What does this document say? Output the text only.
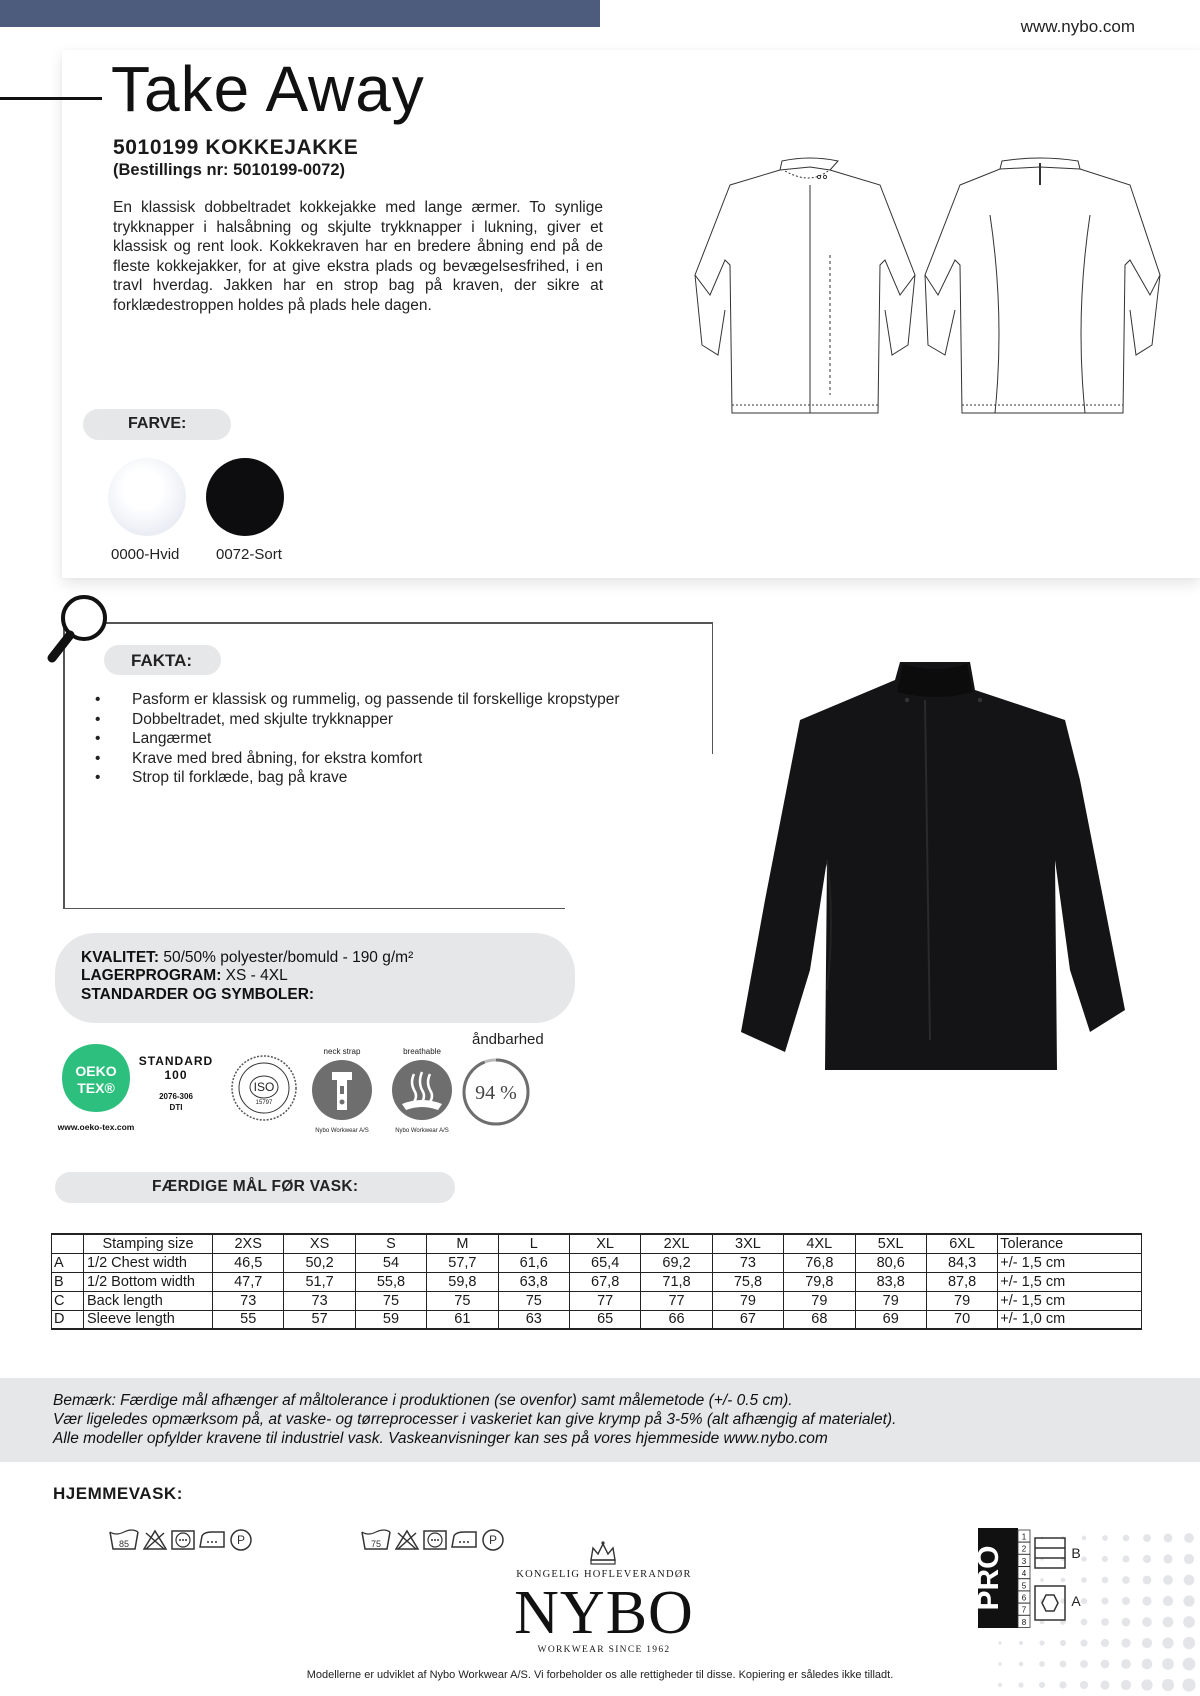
www.nybo.com
Take Away
5010199 KOKKEJAKKE
(Bestillings nr: 5010199-0072)
En klassisk dobbeltradet kokkejakke med lange ærmer. To synlige trykknapper i halsåbning og skjulte trykknapper i lukning, giver et klassisk og rent look. Kokkekraven har en bredere åbning end på de fleste kokkejakker, for at give ekstra plads og bevægelsesfrihed, i en travl hverdag. Jakken har en strop bag på kraven, der sikre at forklædestroppen holdes på plads hele dagen.
FARVE:
0000-Hvid 0072-Sort
FAKTA:
• Pasform er klassisk og rummelig, og passende til forskellige kropstyper
• Dobbeltradet, med skjulte trykknapper
• Langærmet
• Krave med bred åbning, for ekstra komfort
• Strop til forklæde, bag på krave
KVALITET: 50/50% polyester/bomuld - 190 g/m²
LAGERPROGRAM: XS - 4XL
STANDARDER OG SYMBOLER:
OEKO
TEX®
STANDARD
100
2076-306
DTI
www.oeko-tex.com
ISO
15797
neck strap
Nybo Workwear A/S
breathable
Nybo Workwear A/S
åndbarhed
94 %
FÆRDIGE MÅL FØR VASK:
	Stamping size	2XS	XS	S	M	L	XL	2XL	3XL	4XL	5XL	6XL	Tolerance
A	1/2 Chest width	46,5	50,2	54	57,7	61,6	65,4	69,2	73	76,8	80,6	84,3	+/- 1,5 cm
B	1/2 Bottom width	47,7	51,7	55,8	59,8	63,8	67,8	71,8	75,8	79,8	83,8	87,8	+/- 1,5 cm
C	Back length	73	73	75	75	75	77	77	79	79	79	79	+/- 1,5 cm
D	Sleeve length	55	57	59	61	63	65	66	67	68	69	70	+/- 1,0 cm
Bemærk: Færdige mål afhænger af måltolerance i produktionen (se ovenfor) samt målemetode (+/- 0.5 cm).
Vær ligeledes opmærksom på, at vaske- og tørreprocesser i vaskeriet kan give krymp på 3-5% (alt afhængig af materialet).
Alle modeller opfylder kravene til industriel vask. Vaskeanvisninger kan ses på vores hjemmeside www.nybo.com
HJEMMEVASK:
85	P	75	P
KONGELIG HOFLEVERANDØR
NYBO
WORKWEAR SINCE 1962
PRO
1
2
3
4
5
6
7
8
B
A
Modellerne er udviklet af Nybo Workwear A/S. Vi forbeholder os alle rettigheder til disse. Kopiering er således ikke tilladt.
